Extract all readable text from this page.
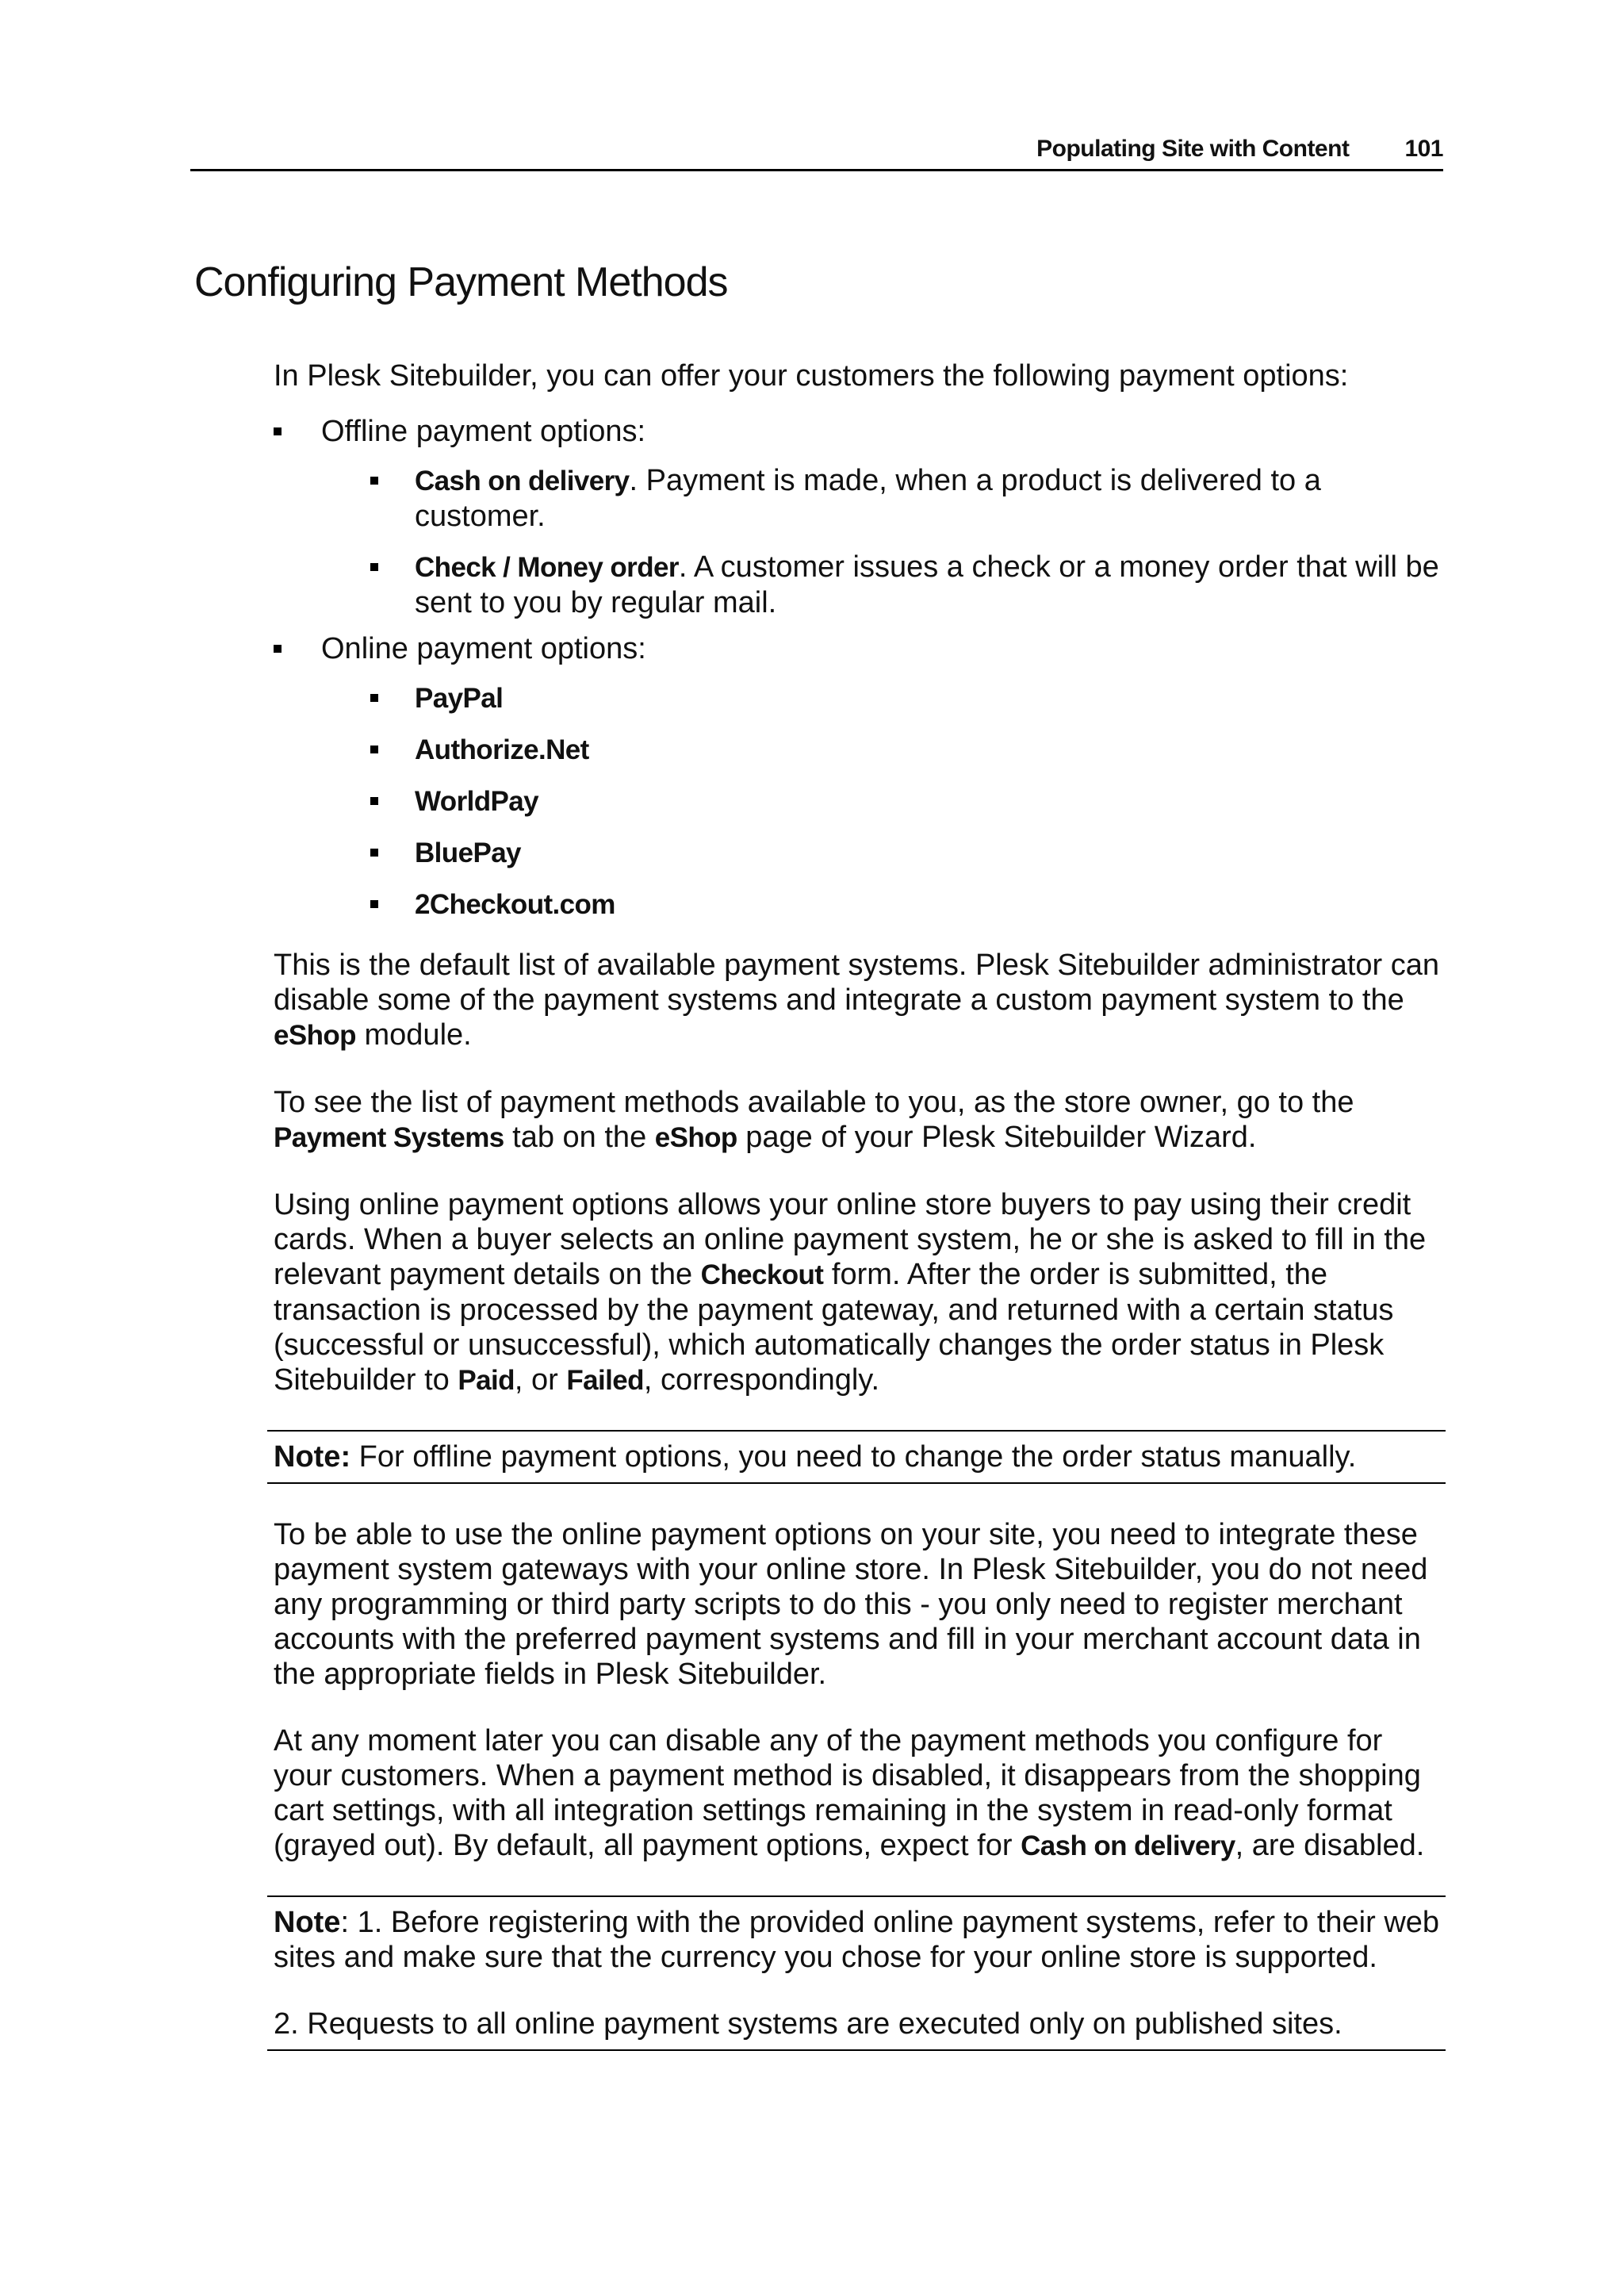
Populating Site with Content 101
Configuring Payment Methods

In Plesk Sitebuilder, you can offer your customers the following payment options:

Offline payment options:
Cash on delivery. Payment is made, when a product is delivered to a customer.
Check / Money order. A customer issues a check or a money order that will be sent to you by regular mail.
Online payment options:
PayPal
Authorize.Net
WorldPay
BluePay
2Checkout.com

This is the default list of available payment systems. Plesk Sitebuilder administrator can disable some of the payment systems and integrate a custom payment system to the eShop module.

To see the list of payment methods available to you, as the store owner, go to the Payment Systems tab on the eShop page of your Plesk Sitebuilder Wizard.

Using online payment options allows your online store buyers to pay using their credit cards. When a buyer selects an online payment system, he or she is asked to fill in the relevant payment details on the Checkout form. After the order is submitted, the transaction is processed by the payment gateway, and returned with a certain status (successful or unsuccessful), which automatically changes the order status in Plesk Sitebuilder to Paid, or Failed, correspondingly.

Note: For offline payment options, you need to change the order status manually.

To be able to use the online payment options on your site, you need to integrate these payment system gateways with your online store. In Plesk Sitebuilder, you do not need any programming or third party scripts to do this - you only need to register merchant accounts with the preferred payment systems and fill in your merchant account data in the appropriate fields in Plesk Sitebuilder.

At any moment later you can disable any of the payment methods you configure for your customers. When a payment method is disabled, it disappears from the shopping cart settings, with all integration settings remaining in the system in read-only format (grayed out). By default, all payment options, expect for Cash on delivery, are disabled.

Note: 1. Before registering with the provided online payment systems, refer to their web sites and make sure that the currency you chose for your online store is supported.

2. Requests to all online payment systems are executed only on published sites.
